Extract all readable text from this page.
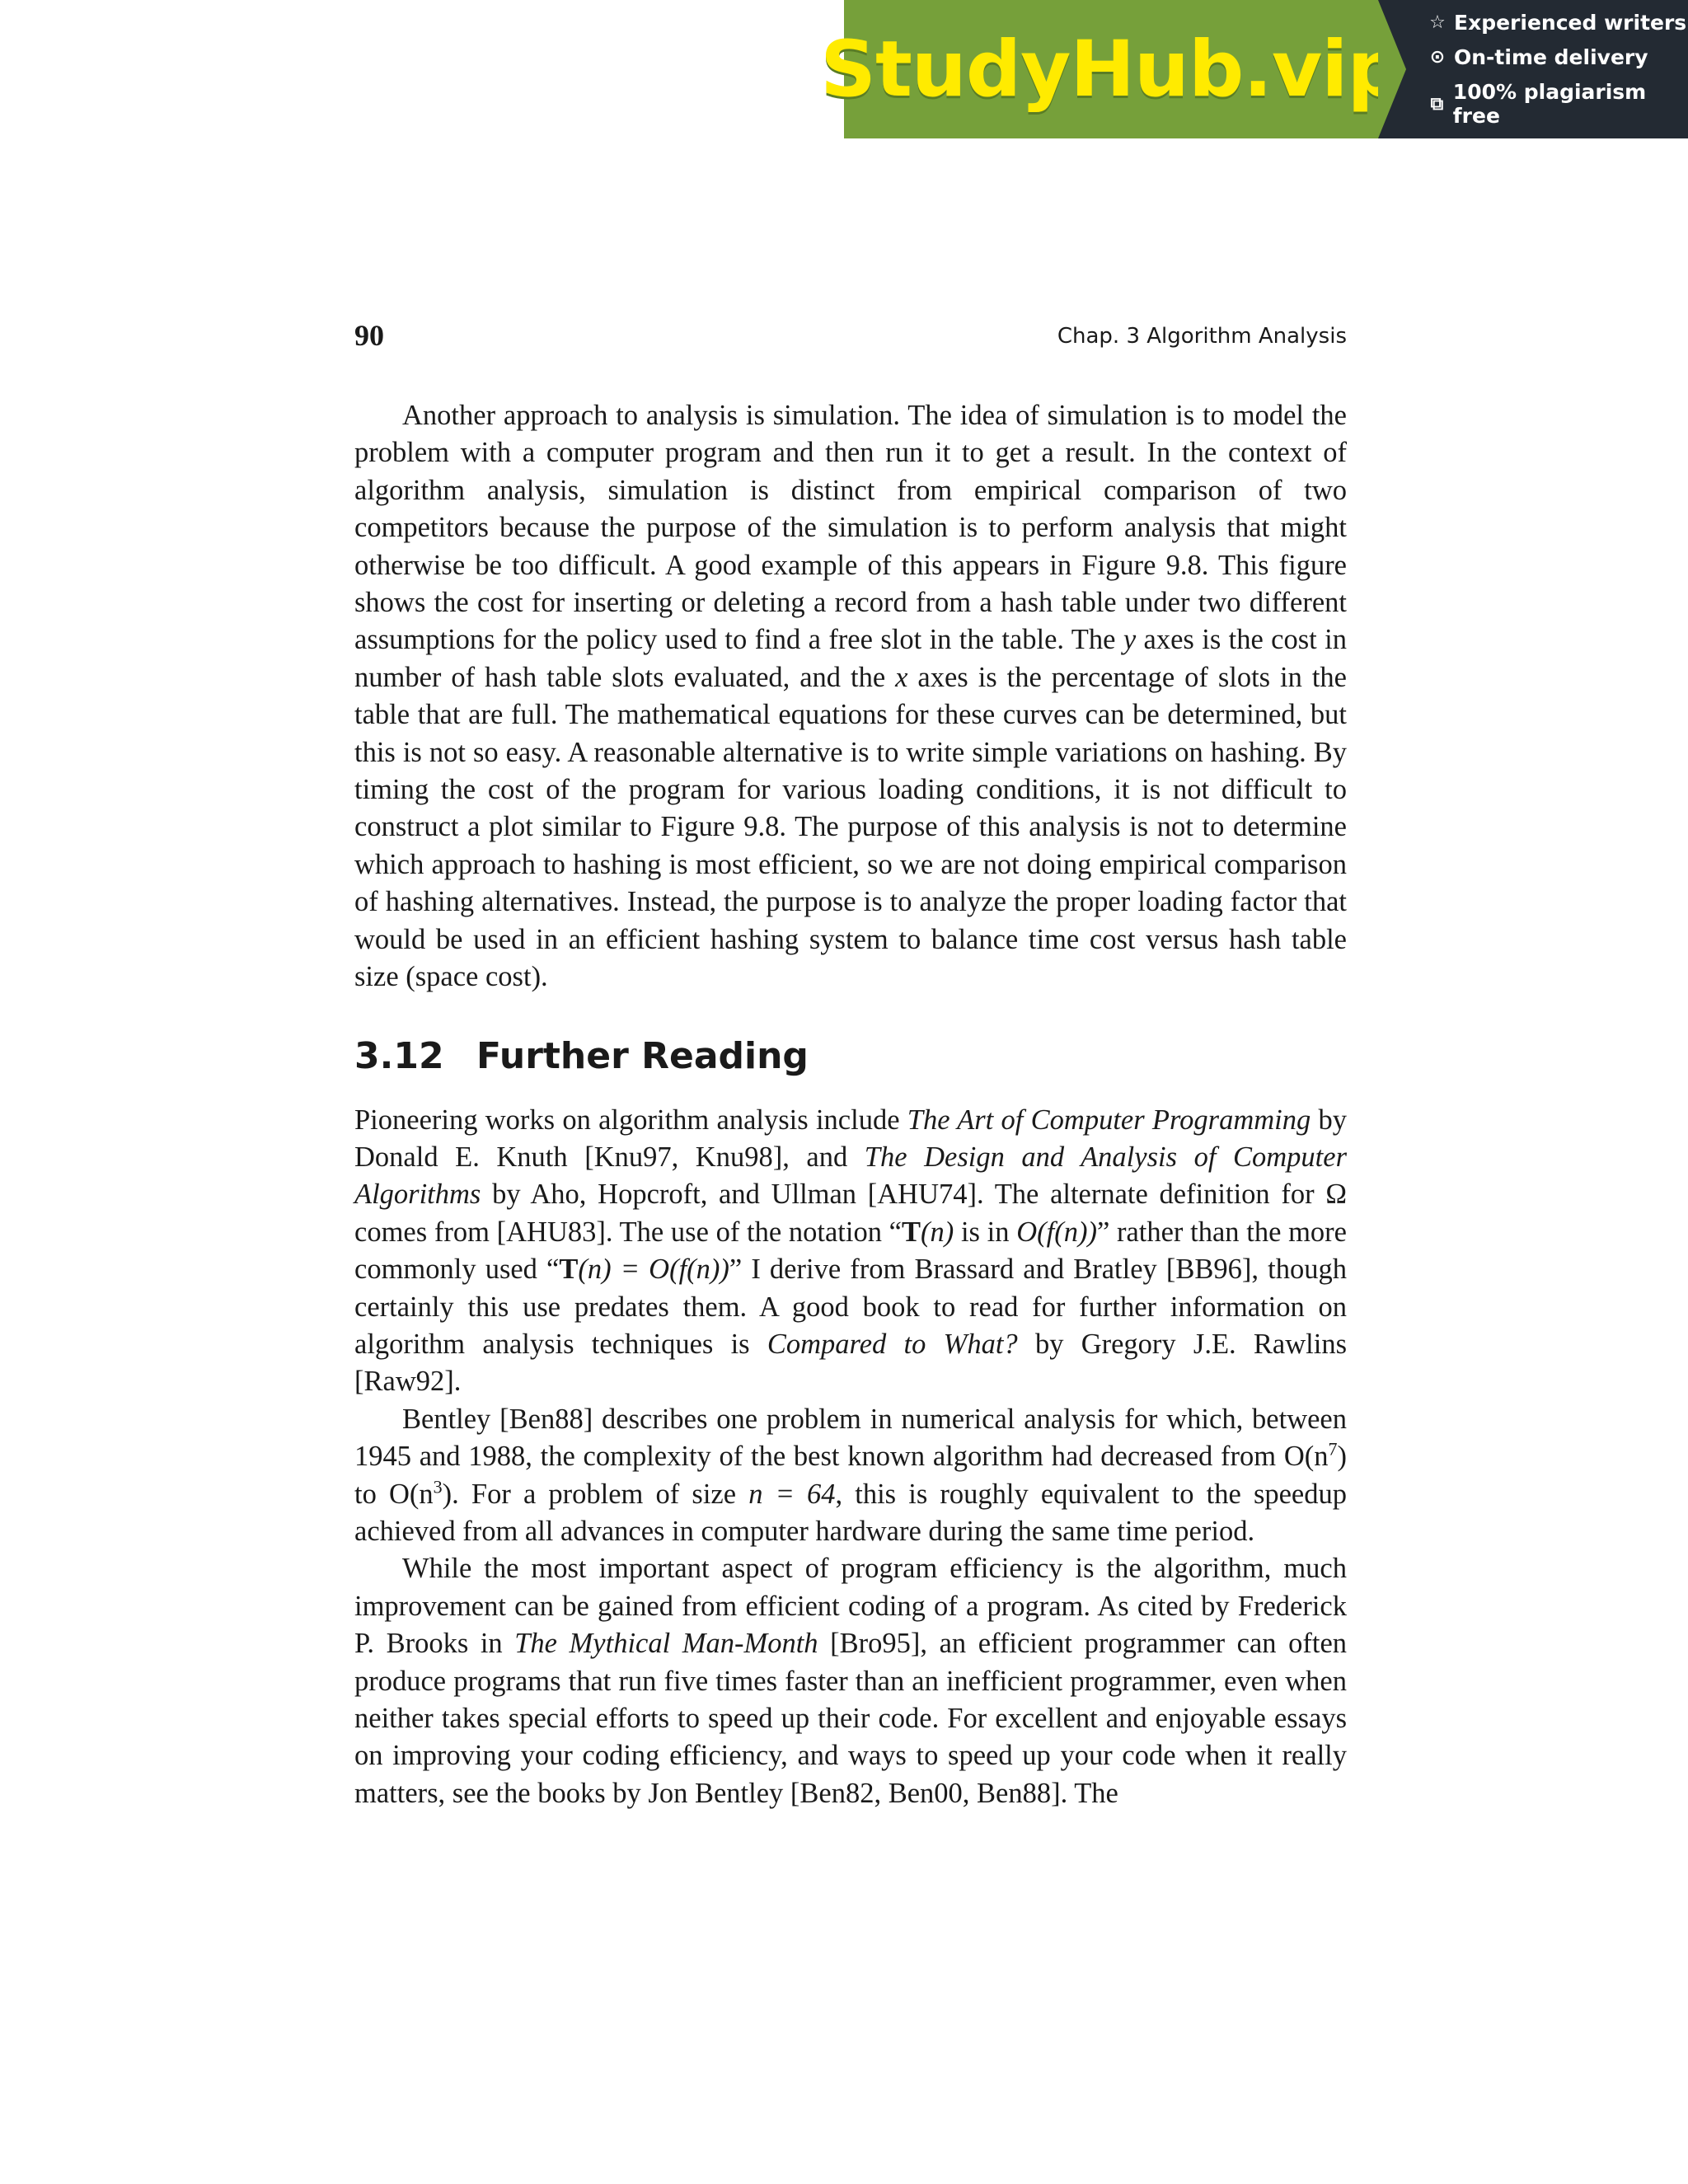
StudyHub.vip
☆ Experienced writers
⊙ On-time delivery
⧉ 100% plagiarism free
90	Chap. 3 Algorithm Analysis

Another approach to analysis is simulation. The idea of simulation is to model the problem with a computer program and then run it to get a result. In the context of algorithm analysis, simulation is distinct from empirical comparison of two competitors because the purpose of the simulation is to perform analysis that might otherwise be too difficult. A good example of this appears in Figure 9.8. This figure shows the cost for inserting or deleting a record from a hash table under two different assumptions for the policy used to find a free slot in the table. The y axes is the cost in number of hash table slots evaluated, and the x axes is the percentage of slots in the table that are full. The mathematical equations for these curves can be determined, but this is not so easy. A reasonable alternative is to write simple variations on hashing. By timing the cost of the program for various loading conditions, it is not difficult to construct a plot similar to Figure 9.8. The purpose of this analysis is not to determine which approach to hashing is most efficient, so we are not doing empirical comparison of hashing alternatives. Instead, the purpose is to analyze the proper loading factor that would be used in an efficient hashing system to balance time cost versus hash table size (space cost).

3.12 Further Reading

Pioneering works on algorithm analysis include The Art of Computer Programming by Donald E. Knuth [Knu97, Knu98], and The Design and Analysis of Computer Algorithms by Aho, Hopcroft, and Ullman [AHU74]. The alternate definition for Ω comes from [AHU83]. The use of the notation “T(n) is in O(f(n))” rather than the more commonly used “T(n) = O(f(n))” I derive from Brassard and Bratley [BB96], though certainly this use predates them. A good book to read for further information on algorithm analysis techniques is Compared to What? by Gregory J.E. Rawlins [Raw92].

Bentley [Ben88] describes one problem in numerical analysis for which, between 1945 and 1988, the complexity of the best known algorithm had decreased from $O(n^7)$ to $O(n^3)$. For a problem of size n = 64, this is roughly equivalent to the speedup achieved from all advances in computer hardware during the same time period.

While the most important aspect of program efficiency is the algorithm, much improvement can be gained from efficient coding of a program. As cited by Frederick P. Brooks in The Mythical Man-Month [Bro95], an efficient programmer can often produce programs that run five times faster than an inefficient programmer, even when neither takes special efforts to speed up their code. For excellent and enjoyable essays on improving your coding efficiency, and ways to speed up your code when it really matters, see the books by Jon Bentley [Ben82, Ben00, Ben88]. The
